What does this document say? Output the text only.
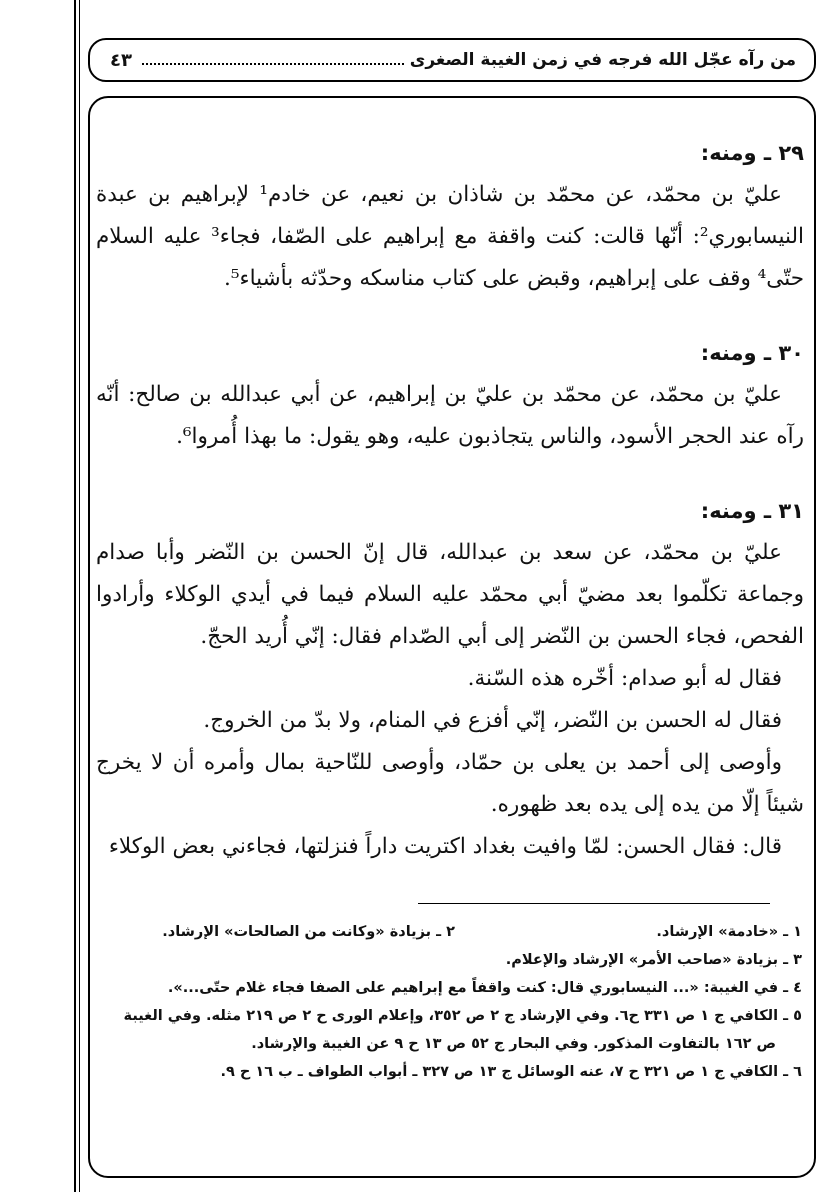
من رآه عجّل الله فرجه في زمن الغيبة الصغرى
٤٣

٢٩ ـ ومنه:

عليّ بن محمّد، عن محمّد بن شاذان بن نعيم، عن خادم¹ لإبراهيم بن عبدة النيسابوري²: أنّها قالت: كنت واقفة مع إبراهيم على الصّفا، فجاء³ عليه السلام حتّى⁴ وقف على إبراهيم، وقبض على كتاب مناسكه وحدّثه بأشياء⁵.

٣٠ ـ ومنه:

عليّ بن محمّد، عن محمّد بن عليّ بن إبراهيم، عن أبي عبدالله بن صالح: أنّه رآه عند الحجر الأسود، والناس يتجاذبون عليه، وهو يقول: ما بهذا أُمروا⁶.

٣١ ـ ومنه:

عليّ بن محمّد، عن سعد بن عبدالله، قال إنّ الحسن بن النّضر وأبا صدام وجماعة تكلّموا بعد مضيّ أبي محمّد عليه السلام فيما في أيدي الوكلاء وأرادوا الفحص، فجاء الحسن بن النّضر إلى أبي الصّدام فقال: إنّي أُريد الحجّ.

فقال له أبو صدام: أخّره هذه السّنة.

فقال له الحسن بن النّضر، إنّي أفزع في المنام، ولا بدّ من الخروج.

وأوصى إلى أحمد بن يعلى بن حمّاد، وأوصى للنّاحية بمال وأمره أن لا يخرج شيئاً إلّا من يده إلى يده بعد ظهوره.

قال: فقال الحسن: لمّا وافيت بغداد اكتريت داراً فنزلتها، فجاءني بعض الوكلاء

١ ـ «خادمة» الإرشاد.

٢ ـ بزيادة «وكانت من الصالحات» الإرشاد.

٣ ـ بزيادة «صاحب الأمر» الإرشاد والإعلام.

٤ ـ في الغيبة: «... النيسابوري قال: كنت واقفاً مع إبراهيم على الصفا فجاء غلام حتّى...».

٥ ـ الكافي ج ١ ص ٣٣١ ح٦. وفي الإرشاد ج ٢ ص ٣٥٢، وإعلام الورى ح ٢ ص ٢١٩ مثله. وفي الغيبة

ص ١٦٢ بالتفاوت المذكور. وفي البحار ج ٥٢ ص ١٣ ح ٩ عن الغيبة والإرشاد.

٦ ـ الكافي ج ١ ص ٣٢١ ح ٧، عنه الوسائل ج ١٣ ص ٣٢٧ ـ أبواب الطواف ـ ب ١٦ ح ٩.
